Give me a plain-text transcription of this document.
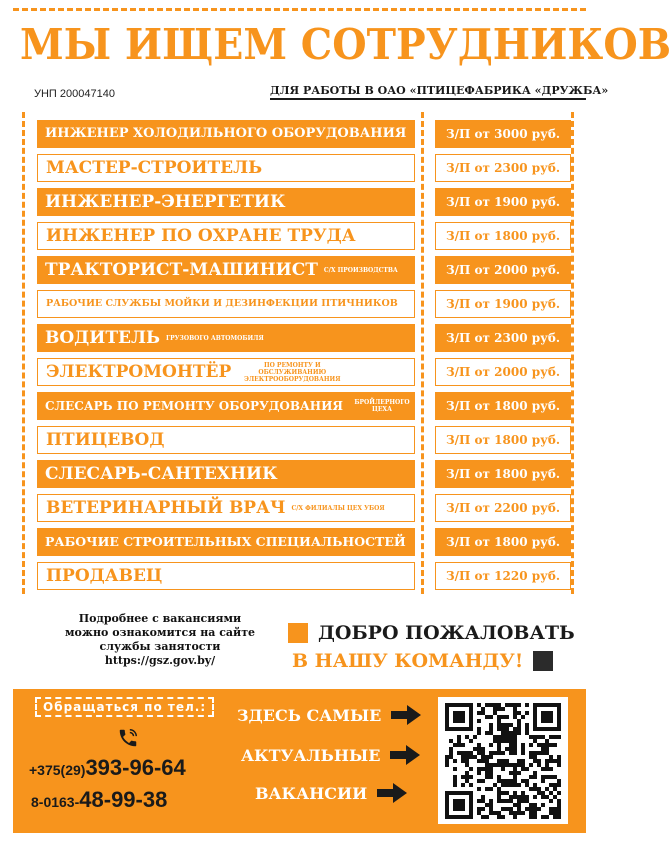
МЫ ИЩЕМ СОТРУДНИКОВ
УНП 200047140	ДЛЯ РАБОТЫ В ОАО «ПТИЦЕФАБРИКА «ДРУЖБА»
ИНЖЕНЕР ХОЛОДИЛЬНОГО ОБОРУДОВАНИЯ	З/П от 3000 руб.
МАСТЕР-СТРОИТЕЛЬ	З/П от 2300 руб.
ИНЖЕНЕР-ЭНЕРГЕТИК	З/П от 1900 руб.
ИНЖЕНЕР ПО ОХРАНЕ ТРУДА	З/П от 1800 руб.
ТРАКТОРИСТ-МАШИНИСТ С/Х ПРОИЗВОДСТВА	З/П от 2000 руб.
РАБОЧИЕ СЛУЖБЫ МОЙКИ И ДЕЗИНФЕКЦИИ ПТИЧНИКОВ	З/П от 1900 руб.
ВОДИТЕЛЬ ГРУЗОВОГО АВТОМОБИЛЯ	З/П от 2300 руб.
ЭЛЕКТРОМОНТЁР	ПО РЕМОНТУ И ОБСЛУЖИВАНИЮ ЭЛЕКТРООБОРУДОВАНИЯ	З/П от 2000 руб.
СЛЕСАРЬ ПО РЕМОНТУ ОБОРУДОВАНИЯ	БРОЙЛЕРНОГО ЦЕХА	З/П от 1800 руб.
ПТИЦЕВОД	З/П от 1800 руб.
СЛЕСАРЬ-САНТЕХНИК	З/П от 1800 руб.
ВЕТЕРИНАРНЫЙ ВРАЧ С/Х ФИЛИАЛЫ ЦЕХ УБОЯ	З/П от 2200 руб.
РАБОЧИЕ СТРОИТЕЛЬНЫХ СПЕЦИАЛЬНОСТЕЙ	З/П от 1800 руб.
ПРОДАВЕЦ	З/П от 1220 руб.
Подробнее с вакансиями
можно ознакомится на сайте
службы занятости
https://gsz.gov.by/
ДОБРО ПОЖАЛОВАТЬ
В НАШУ КОМАНДУ!
Обращаться по тел.:
+375(29)393-96-64
8-0163-48-99-38
ЗДЕСЬ САМЫЕ
АКТУАЛЬНЫЕ
ВАКАНСИИ
